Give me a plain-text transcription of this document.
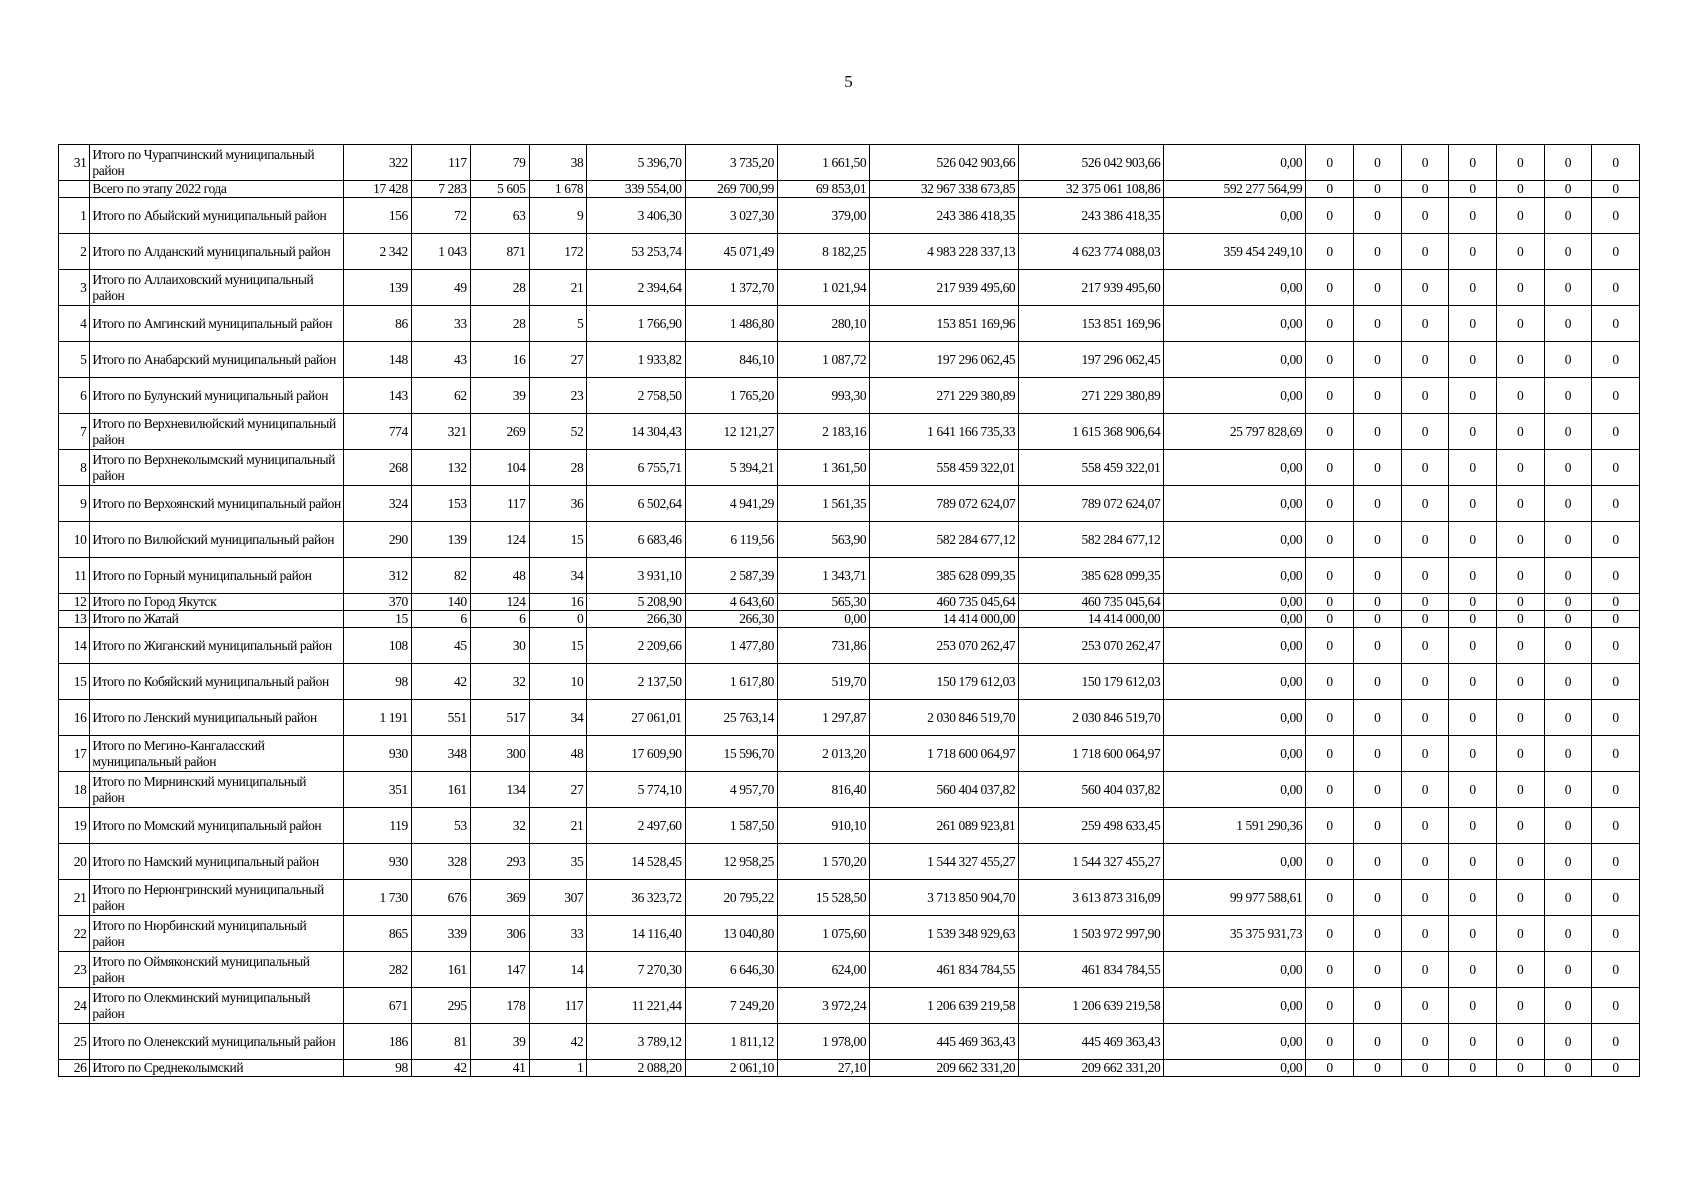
5
31	Итого по Чурапчинский муниципальный район	322	117	79	38	5 396,70	3 735,20	1 661,50	526 042 903,66	526 042 903,66	0,00	0	0	0	0	0	0	0
	Всего по этапу 2022 года	17 428	7 283	5 605	1 678	339 554,00	269 700,99	69 853,01	32 967 338 673,85	32 375 061 108,86	592 277 564,99	0	0	0	0	0	0	0
1	Итого по Абыйский муниципальный район	156	72	63	9	3 406,30	3 027,30	379,00	243 386 418,35	243 386 418,35	0,00	0	0	0	0	0	0	0
2	Итого по Алданский муниципальный район	2 342	1 043	871	172	53 253,74	45 071,49	8 182,25	4 983 228 337,13	4 623 774 088,03	359 454 249,10	0	0	0	0	0	0	0
3	Итого по Аллаиховский муниципальный район	139	49	28	21	2 394,64	1 372,70	1 021,94	217 939 495,60	217 939 495,60	0,00	0	0	0	0	0	0	0
4	Итого по Амгинский муниципальный район	86	33	28	5	1 766,90	1 486,80	280,10	153 851 169,96	153 851 169,96	0,00	0	0	0	0	0	0	0
5	Итого по Анабарский муниципальный район	148	43	16	27	1 933,82	846,10	1 087,72	197 296 062,45	197 296 062,45	0,00	0	0	0	0	0	0	0
6	Итого по Булунский муниципальный район	143	62	39	23	2 758,50	1 765,20	993,30	271 229 380,89	271 229 380,89	0,00	0	0	0	0	0	0	0
7	Итого по Верхневилюйский муниципальный район	774	321	269	52	14 304,43	12 121,27	2 183,16	1 641 166 735,33	1 615 368 906,64	25 797 828,69	0	0	0	0	0	0	0
8	Итого по Верхнеколымский муниципальный район	268	132	104	28	6 755,71	5 394,21	1 361,50	558 459 322,01	558 459 322,01	0,00	0	0	0	0	0	0	0
9	Итого по Верхоянский муниципальный район	324	153	117	36	6 502,64	4 941,29	1 561,35	789 072 624,07	789 072 624,07	0,00	0	0	0	0	0	0	0
10	Итого по Вилюйский муниципальный район	290	139	124	15	6 683,46	6 119,56	563,90	582 284 677,12	582 284 677,12	0,00	0	0	0	0	0	0	0
11	Итого по Горный муниципальный район	312	82	48	34	3 931,10	2 587,39	1 343,71	385 628 099,35	385 628 099,35	0,00	0	0	0	0	0	0	0
12	Итого по Город Якутск	370	140	124	16	5 208,90	4 643,60	565,30	460 735 045,64	460 735 045,64	0,00	0	0	0	0	0	0	0
13	Итого по Жатай	15	6	6	0	266,30	266,30	0,00	14 414 000,00	14 414 000,00	0,00	0	0	0	0	0	0	0
14	Итого по Жиганский муниципальный район	108	45	30	15	2 209,66	1 477,80	731,86	253 070 262,47	253 070 262,47	0,00	0	0	0	0	0	0	0
15	Итого по Кобяйский муниципальный район	98	42	32	10	2 137,50	1 617,80	519,70	150 179 612,03	150 179 612,03	0,00	0	0	0	0	0	0	0
16	Итого по Ленский муниципальный район	1 191	551	517	34	27 061,01	25 763,14	1 297,87	2 030 846 519,70	2 030 846 519,70	0,00	0	0	0	0	0	0	0
17	Итого по Мегино-Кангаласский муниципальный район	930	348	300	48	17 609,90	15 596,70	2 013,20	1 718 600 064,97	1 718 600 064,97	0,00	0	0	0	0	0	0	0
18	Итого по Мирнинский муниципальный район	351	161	134	27	5 774,10	4 957,70	816,40	560 404 037,82	560 404 037,82	0,00	0	0	0	0	0	0	0
19	Итого по Момский муниципальный район	119	53	32	21	2 497,60	1 587,50	910,10	261 089 923,81	259 498 633,45	1 591 290,36	0	0	0	0	0	0	0
20	Итого по Намский муниципальный район	930	328	293	35	14 528,45	12 958,25	1 570,20	1 544 327 455,27	1 544 327 455,27	0,00	0	0	0	0	0	0	0
21	Итого по Нерюнгринский муниципальный район	1 730	676	369	307	36 323,72	20 795,22	15 528,50	3 713 850 904,70	3 613 873 316,09	99 977 588,61	0	0	0	0	0	0	0
22	Итого по Нюрбинский муниципальный район	865	339	306	33	14 116,40	13 040,80	1 075,60	1 539 348 929,63	1 503 972 997,90	35 375 931,73	0	0	0	0	0	0	0
23	Итого по Оймяконский муниципальный район	282	161	147	14	7 270,30	6 646,30	624,00	461 834 784,55	461 834 784,55	0,00	0	0	0	0	0	0	0
24	Итого по Олекминский муниципальный район	671	295	178	117	11 221,44	7 249,20	3 972,24	1 206 639 219,58	1 206 639 219,58	0,00	0	0	0	0	0	0	0
25	Итого по Оленекский муниципальный район	186	81	39	42	3 789,12	1 811,12	1 978,00	445 469 363,43	445 469 363,43	0,00	0	0	0	0	0	0	0
26	Итого по Среднеколымский	98	42	41	1	2 088,20	2 061,10	27,10	209 662 331,20	209 662 331,20	0,00	0	0	0	0	0	0	0
